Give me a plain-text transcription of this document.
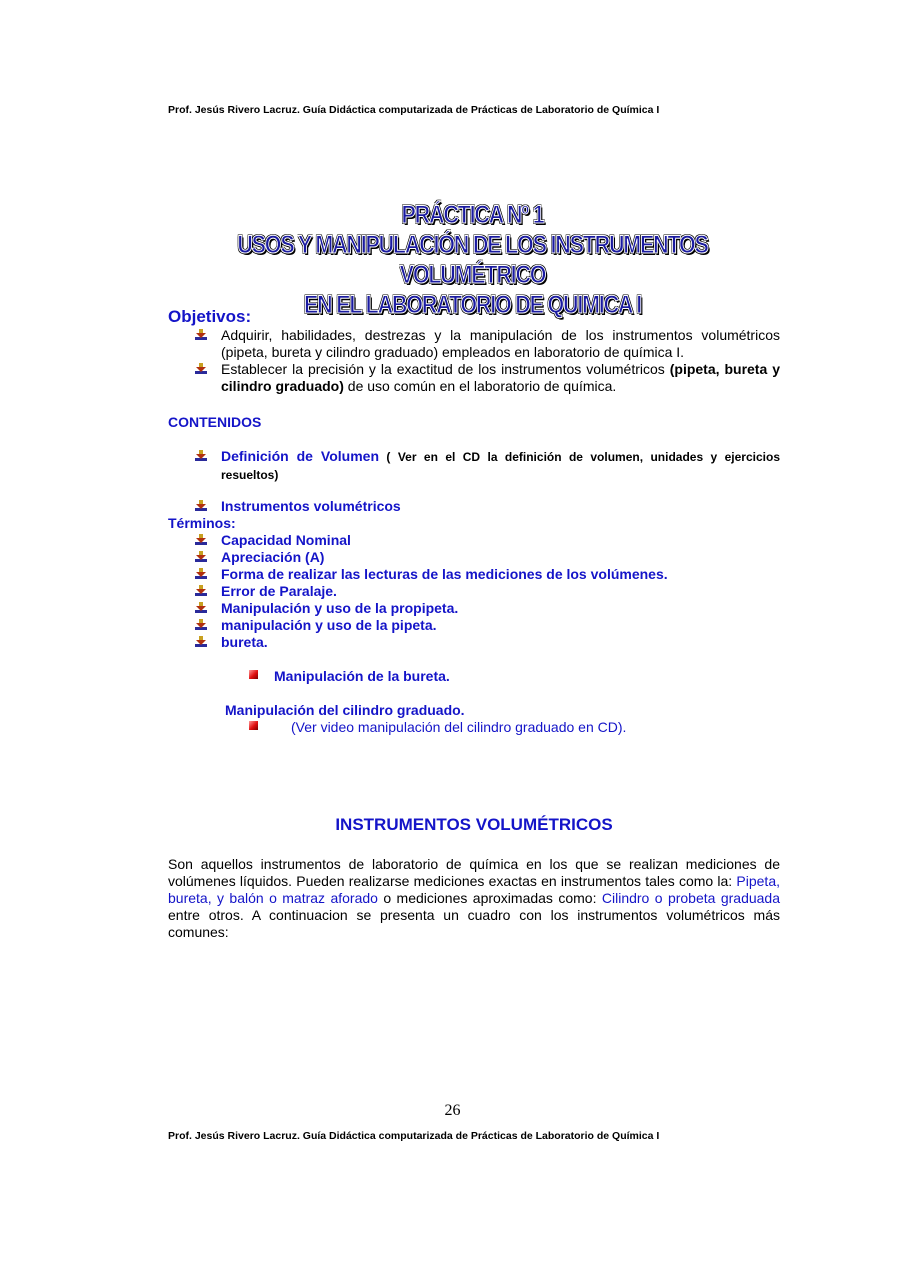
Prof. Jesús Rivero Lacruz. Guía Didáctica computarizada de Prácticas de Laboratorio de Química I
PRÁCTICA Nº 1
USOS Y MANIPULACIÓN DE LOS INSTRUMENTOS VOLUMÉTRICO
EN EL LABORATORIO DE QUIMICA I
Objetivos:
Adquirir, habilidades, destrezas y la manipulación de los instrumentos volumétricos (pipeta, bureta y cilindro graduado) empleados en laboratorio de química I.
Establecer la precisión y la exactitud de los instrumentos volumétricos (pipeta, bureta y cilindro graduado) de uso común en el laboratorio de química.
CONTENIDOS
Definición de Volumen ( Ver en el CD la definición de volumen, unidades y ejercicios resueltos)
Instrumentos volumétricos
Términos:
Capacidad Nominal
Apreciación (A)
Forma de realizar las lecturas de las mediciones de los volúmenes.
Error de Paralaje.
Manipulación y uso de la propipeta.
manipulación y uso de la pipeta.
bureta.
Manipulación de la bureta.
Manipulación del cilindro graduado.
(Ver video manipulación del cilindro graduado en CD).
INSTRUMENTOS VOLUMÉTRICOS
Son aquellos instrumentos de laboratorio de química en los que se realizan mediciones de volúmenes líquidos. Pueden realizarse mediciones exactas en instrumentos tales como la: Pipeta, bureta, y balón o matraz aforado o mediciones aproximadas como: Cilindro o probeta graduada entre otros. A continuacion se presenta un cuadro con los instrumentos volumétricos más comunes:
26
Prof. Jesús Rivero Lacruz. Guía Didáctica computarizada de Prácticas de Laboratorio de Química I
